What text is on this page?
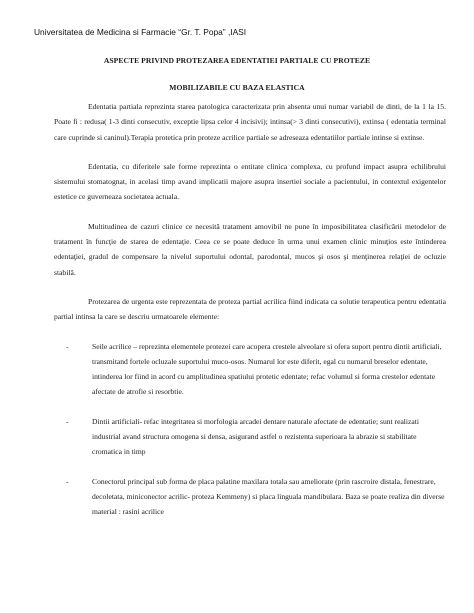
Universitatea de Medicina si Farmacie “Gr. T. Popa” ,IASI
ASPECTE PRIVIND PROTEZAREA EDENTATIEI PARTIALE CU PROTEZE
MOBILIZABILE CU BAZA ELASTICA

Edentatia partiala reprezinta starea patologica caracterizata prin absenta unui numar variabil de dinti, de la 1 la 15. Poate fi : redusa( 1-3 dinti consecutiv, exceptie lipsa celor 4 incisivi); intinsa(> 3 dinti consecutivi), extinsa ( edentatia terminal care cuprinde si caninul).Terapia protetica prin proteze acrilice partiale se adreseaza edentatiilor partiale intinse si extinse.

Edentatia, cu diferitele sale forme reprezinta o entitate clinica complexa, cu profund impact asupra echilibrului sistemului stomatognat, in acelasi timp avand implicatii majore asupra insertiei sociale a pacientului, in contextul exigentelor estetice ce guverneaza societatea actuala.

Multitudinea de cazuri clinice ce necesită tratament amovibil ne pune în imposibilitatea clasificării metodelor de tratament în funcţie de starea de edentaţie. Ceea ce se poate deduce în urma unui examen clinic minuţios este întinderea edentaţiei, gradul de compensare la nivelul suportului odontal, parodontal, mucos şi osos şi menţinerea relaţiei de ocluzie stabilă.

Protezarea de urgenta este reprezentata de proteza partial acrilica fiind indicata ca solutie terapeutica pentru edentatia partial intinsa la care se descriu urmatoarele elemente:

-	Seile acrilice – reprezinta elementele protezei care acopera crestele alveolare si ofera suport pentru dintii artificiali, transmitand fortele ocluzale suportului muco-osos. Numarul lor este diferit, egal cu numarul breselor edentate, intinderea lor fiind in acord cu amplitudinea spatiului protetic edentate; refac volumul si forma crestelor edentate afectate de atrofie si resorbtie.

-	Dintii artificiali- refac integritatea si morfologia arcadei dentare naturale afectate de edentatie; sunt realizati industrial avand structura omogena si densa, asigurand astfel o rezistenta superioara la abrazie si stabilitate cromatica in timp

-	Conectorul principal sub forma de placa palatine maxilara totala sau ameliorate (prin rascroire distala, fenestrare, decoletata, miniconector acrilic- proteza Kemmeny) si placa linguala mandibulara. Baza se poate realiza din diverse material : rasini acrilice
